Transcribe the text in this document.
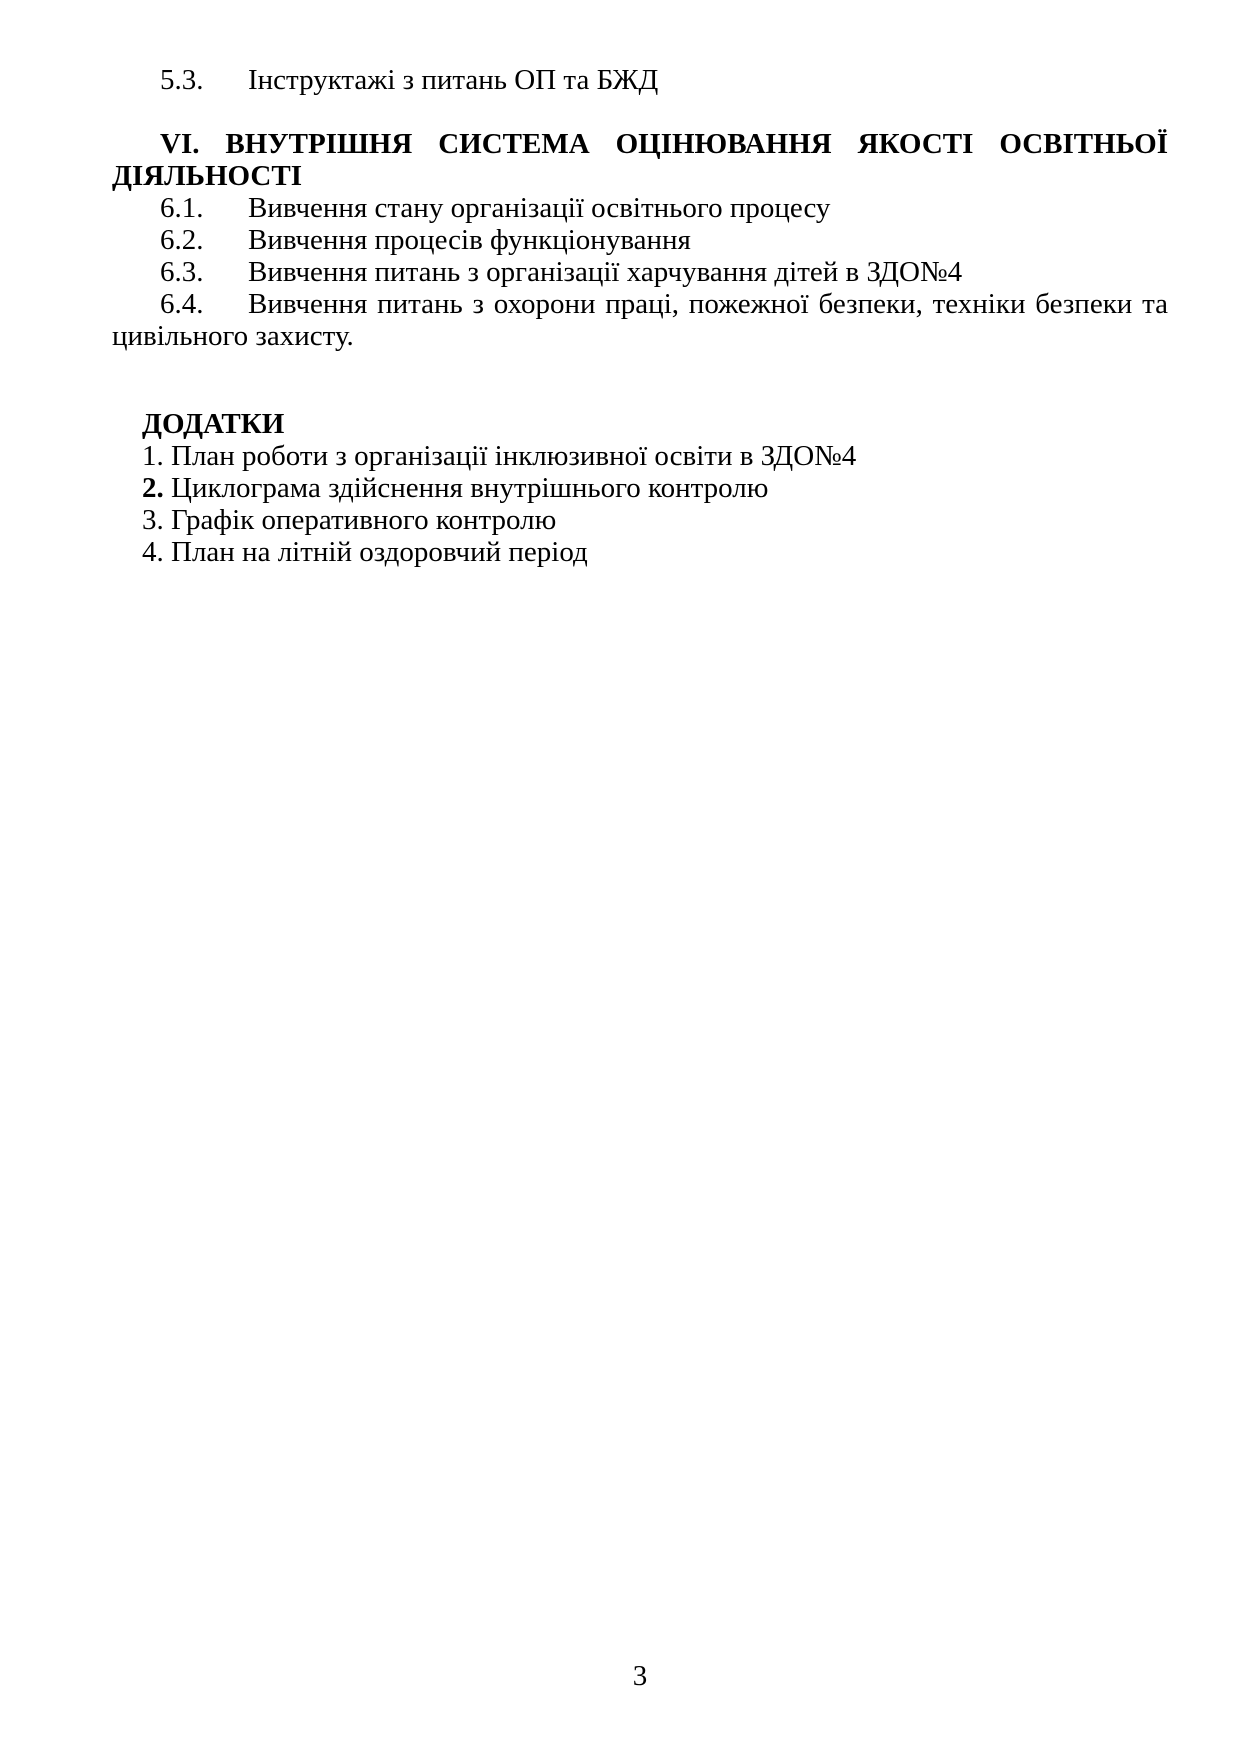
5.3. Інструктажі з питань ОП та БЖД

VI. ВНУТРІШНЯ СИСТЕМА ОЦІНЮВАННЯ ЯКОСТІ ОСВІТНЬОЇ
ДІЯЛЬНОСТІ

6.1. Вивчення стану організації освітнього процесу

6.2. Вивчення процесів функціонування

6.3. Вивчення питань з організації харчування дітей в ЗДО№4

6.4. Вивчення питань з охорони праці, пожежної безпеки, техніки безпеки та цивільного захисту.

ДОДАТКИ

1. План роботи з організації інклюзивної освіти в ЗДО№4

2. Циклограма здійснення внутрішнього контролю

3. Графік оперативного контролю

4. План на літній оздоровчий період

3
